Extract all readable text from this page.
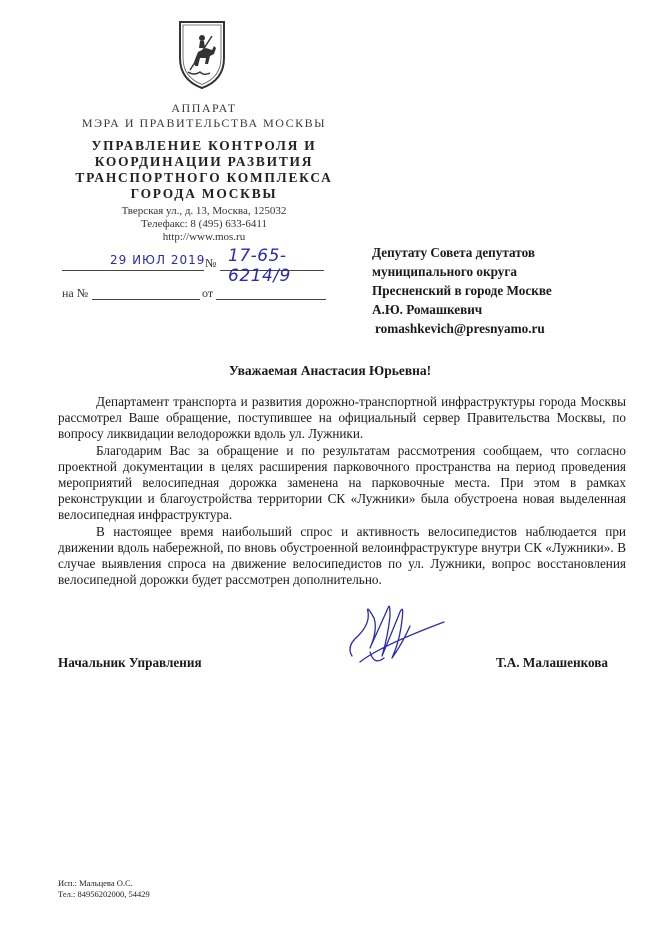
АППАРАТ
МЭРА И ПРАВИТЕЛЬСТВА МОСКВЫ
УПРАВЛЕНИЕ КОНТРОЛЯ И
КООРДИНАЦИИ РАЗВИТИЯ
ТРАНСПОРТНОГО КОМПЛЕКСА
ГОРОДА МОСКВЫ
Тверская ул., д. 13, Москва, 125032
Телефакс: 8 (495) 633-6411
http://www.mos.ru
29 ИЮЛ 2019 № 17-65-6214/9
на №	от
Депутату Совета депутатов
муниципального округа
Пресненский в городе Москве
А.Ю. Ромашкевич
romashkevich@presnyamo.ru
Уважаемая Анастасия Юрьевна!

Департамент транспорта и развития дорожно-транспортной инфраструктуры города Москвы рассмотрел Ваше обращение, поступившее на официальный сервер Правительства Москвы, по вопросу ликвидации велодорожки вдоль ул. Лужники.

Благодарим Вас за обращение и по результатам рассмотрения сообщаем, что согласно проектной документации в целях расширения парковочного пространства на период проведения мероприятий велосипедная дорожка заменена на парковочные места. При этом в рамках реконструкции и благоустройства территории СК «Лужники» была обустроена новая выделенная велосипедная инфраструктура.

В настоящее время наибольший спрос и активность велосипедистов наблюдается при движении вдоль набережной, по вновь обустроенной велоинфраструктуре внутри СК «Лужники». В случае выявления спроса на движение велосипедистов по ул. Лужники, вопрос восстановления велосипедной дорожки будет рассмотрен дополнительно.

Начальник Управления	Т.А. Малашенкова
Исп.: Мальцева О.С.
Тел.: 84956202000, 54429
